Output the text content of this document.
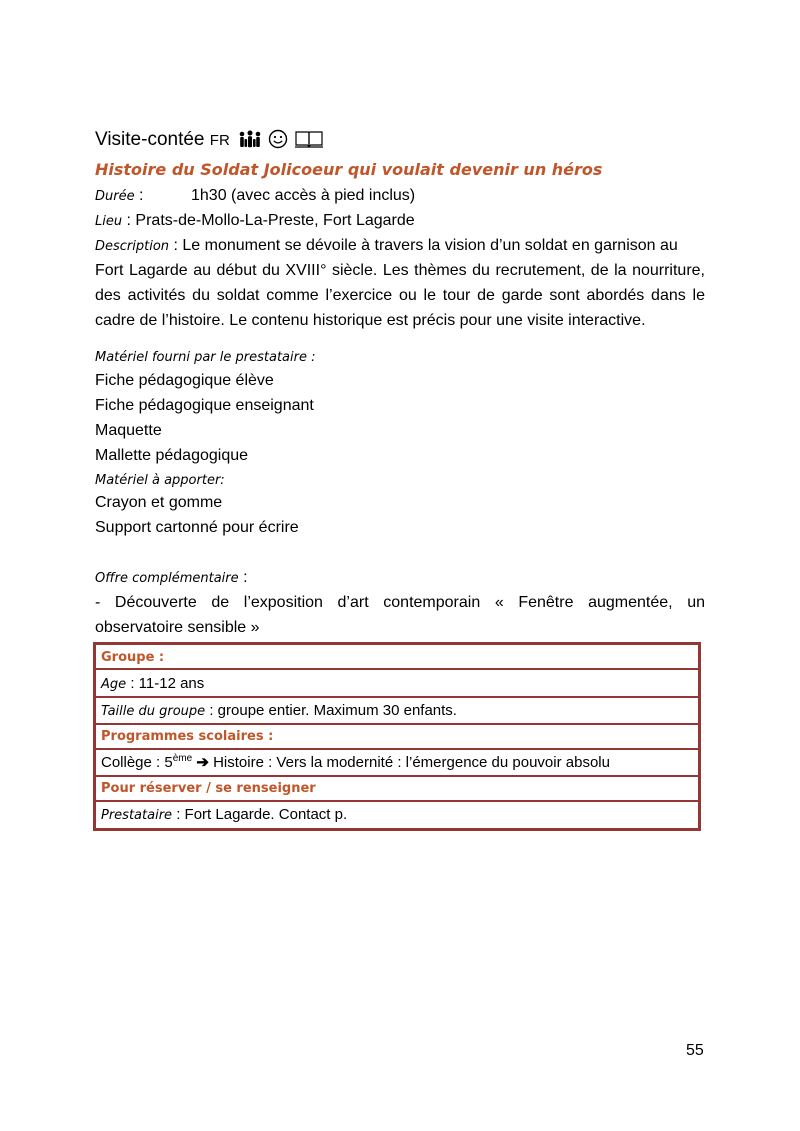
Visite-contée FR
Histoire du Soldat Jolicoeur qui voulait devenir un héros
Durée :	1h30 (avec accès à pied inclus)
Lieu : Prats-de-Mollo-La-Preste, Fort Lagarde
Description : Le monument se dévoile à travers la vision d’un soldat en garnison au
Fort Lagarde au début du XVIII° siècle. Les thèmes du recrutement, de la nourriture,
des activités du soldat comme l’exercice ou le tour de garde sont abordés dans le
cadre de l’histoire. Le contenu historique est précis pour une visite interactive.
Matériel fourni par le prestataire :
Fiche pédagogique élève
Fiche pédagogique enseignant
Maquette
Mallette pédagogique
Matériel à apporter:
Crayon et gomme
Support cartonné pour écrire
Offre complémentaire :
- Découverte de l’exposition d’art contemporain « Fenêtre augmentée, un
observatoire sensible »
Groupe :
Age : 11-12 ans
Taille du groupe : groupe entier. Maximum 30 enfants.
Programmes scolaires :
Collège : 5ème ➔ Histoire : Vers la modernité : l’émergence du pouvoir absolu
Pour réserver / se renseigner
Prestataire : Fort Lagarde. Contact p.
55
